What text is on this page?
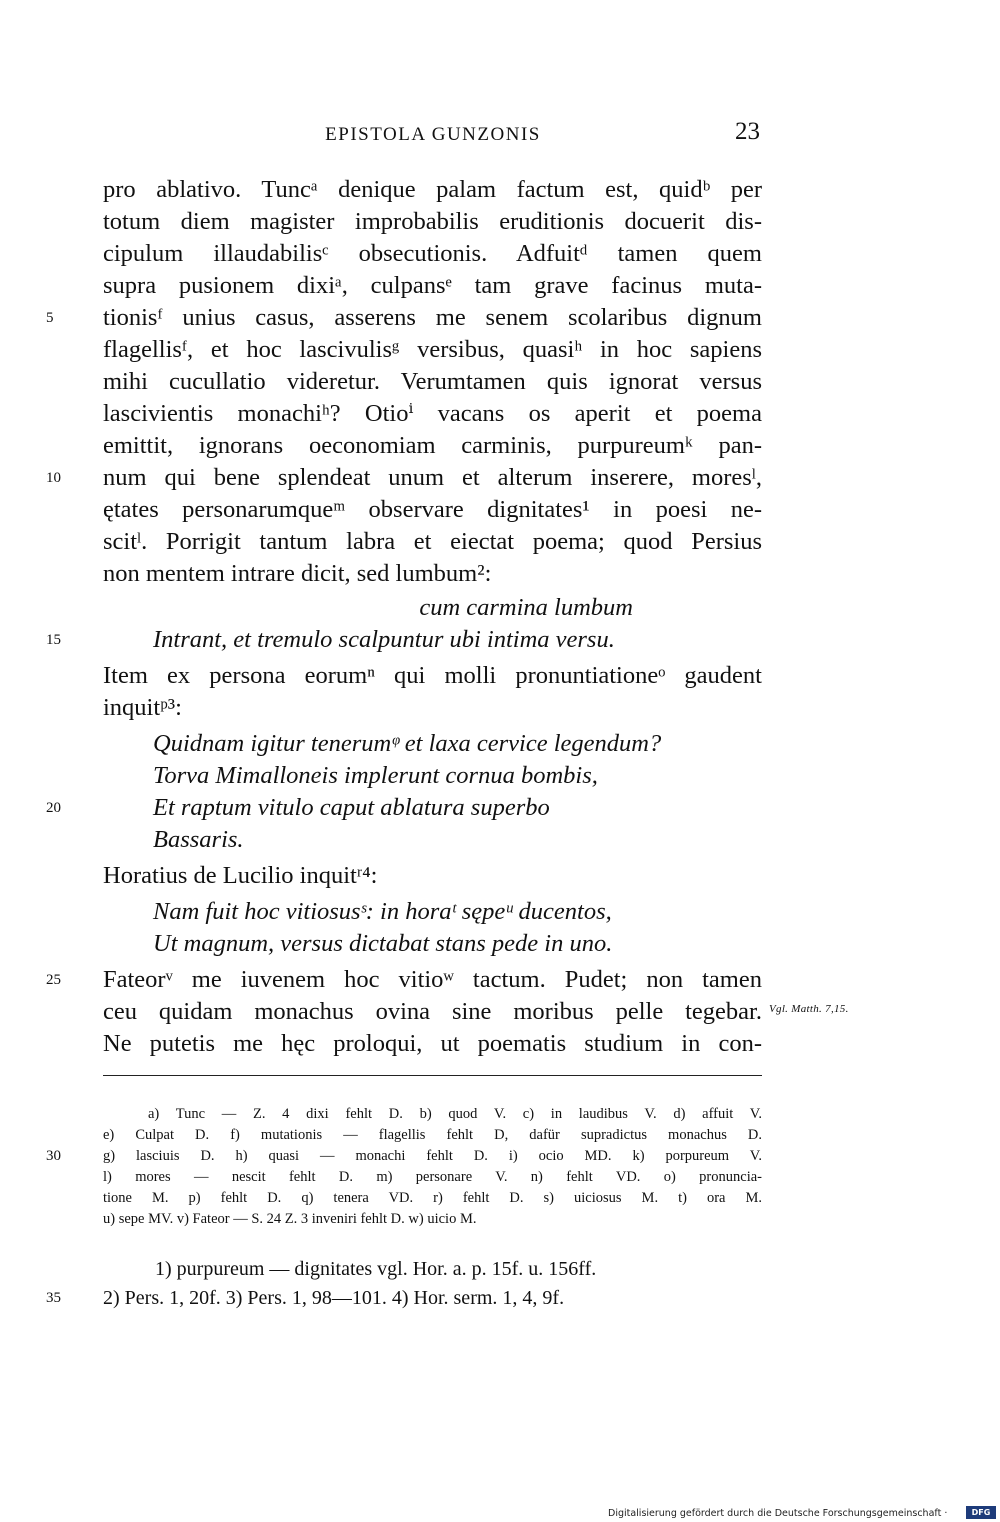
EPISTOLA GUNZONIS	23
pro ablativo. Tuncᵃ denique palam factum est, quidᵇ per
totum diem magister improbabilis eruditionis docuerit dis-
cipulum illaudabilisᶜ obsecutionis. Adfuitᵈ tamen quem
supra pusionem dixiᵃ, culpansᵉ tam grave facinus muta-
tionisᶠ unius casus, asserens me senem scolaribus dignum
flagellisᶠ, et hoc lascivulisᵍ versibus, quasiʰ in hoc sapiens
mihi cucullatio videretur. Verumtamen quis ignorat versus
lascivientis monachiʰ? Otioⁱ vacans os aperit et poema
emittit, ignorans oeconomiam carminis, purpureumᵏ pan-
num qui bene splendeat unum et alterum inserere, moresˡ,
ętates personarumqueᵐ observare dignitates¹ in poesi ne-
scitˡ. Porrigit tantum labra et eiectat poema; quod Persius
non mentem intrare dicit, sed lumbum²:
cum carmina lumbum
Intrant, et tremulo scalpuntur ubi intima versu.
Item ex persona eorumⁿ qui molli pronuntiationeᵒ gaudent
inquitᵖ³:
Quidnam igitur tenerumᵠ et laxa cervice legendum?
Torva Mimalloneis implerunt cornua bombis,
Et raptum vitulo caput ablatura superbo
Bassaris.
Horatius de Lucilio inquitʳ⁴:
Nam fuit hoc vitiosusˢ: in horaᵗ sępeᵘ ducentos,
Ut magnum, versus dictabat stans pede in uno.
Fateorᵛ me iuvenem hoc vitioʷ tactum. Pudet; non tamen
ceu quidam monachus ovina sine moribus pelle tegebar.
Ne putetis me hęc proloqui, ut poematis studium in con-
5
10
15
20
25
30
35
Vgl. Matth. 7,15.
a) Tunc — Z. 4 dixi fehlt D. b) quod V. c) in laudibus V. d) affuit V.
e) Culpat D. f) mutationis — flagellis fehlt D, dafür supradictus monachus D.
g) lasciuis D. h) quasi — monachi fehlt D. i) ocio MD. k) porpureum V.
l) mores — nescit fehlt D. m) personare V. n) fehlt VD. o) pronuncia-
tione M. p) fehlt D. q) tenera VD. r) fehlt D. s) uiciosus M. t) ora M.
u) sepe MV. v) Fateor — S. 24 Z. 3 inveniri fehlt D. w) uicio M.
1) purpureum — dignitates vgl. Hor. a. p. 15f. u. 156ff.
2) Pers. 1, 20f. 3) Pers. 1, 98—101. 4) Hor. serm. 1, 4, 9f.
Digitalisierung gefördert durch die Deutsche Forschungsgemeinschaft ·	DFG
